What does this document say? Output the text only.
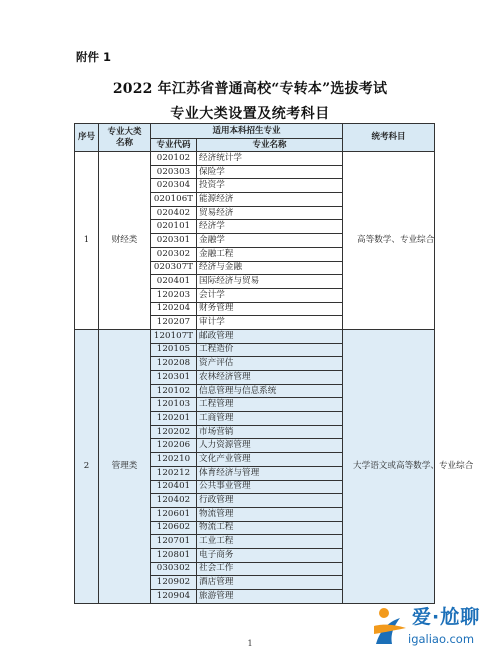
附件 1
2022 年江苏省普通高校“专转本”选拔考试
专业大类设置及统考科目
序号	专业大类名称	适用本科招生专业		统考科目
		专业代码	专业名称	
1	财经类	020102	经济统计学	高等数学、专业综合
		020303	保险学	
		020304	投资学	
		020106T	能源经济	
		020402	贸易经济	
		020101	经济学	
		020301	金融学	
		020302	金融工程	
		020307T	经济与金融	
		020401	国际经济与贸易	
		120203	会计学	
		120204	财务管理	
		120207	审计学	
2	管理类	120107T	邮政管理	大学语文或高等数学、专业综合
		120105	工程造价	
		120208	资产评估	
		120301	农林经济管理	
		120102	信息管理与信息系统	
		120103	工程管理	
		120201	工商管理	
		120202	市场营销	
		120206	人力资源管理	
		120210	文化产业管理	
		120212	体育经济与管理	
		120401	公共事业管理	
		120402	行政管理	
		120601	物流管理	
		120602	物流工程	
		120701	工业工程	
		120801	电子商务	
		030302	社会工作	
		120902	酒店管理	
		120904	旅游管理	
1
爱·尬聊
igaliao.com
